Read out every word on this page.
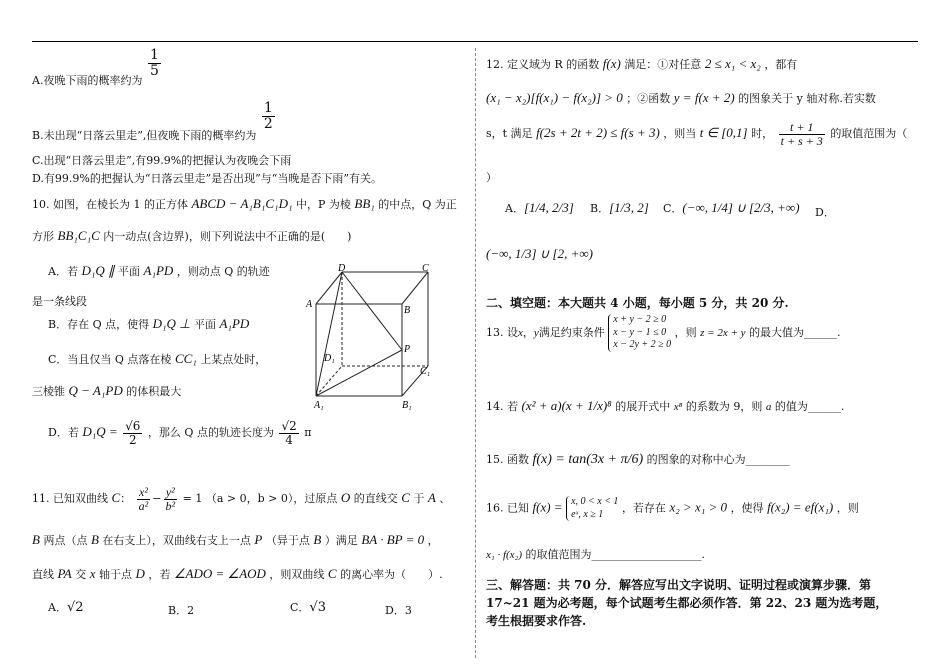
A.夜晚下雨的概率约为
$\frac{1}{5}$
B.未出现“日落云里走”,但夜晚下雨的概率约为
$\frac{1}{2}$
C.出现“日落云里走”,有99.9%的把握认为夜晚会下雨
D.有99.9%的把握认为“日落云里走”是否出现”与“当晚是否下雨”有关。
10. 如图，在棱长为 1 的正方体 ABCD − A₁B₁C₁D₁ 中，P 为棱 BB₁ 的中点，Q 为正
方形 BB₁C₁C 内一动点(含边界)，则下列说法中不正确的是(　　)
A．若 D₁Q ∥ 平面 A₁PD ，则动点 Q 的轨迹
是一条线段
B．存在 Q 点，使得 D₁Q ⊥ 平面 A₁PD
C．当且仅当 Q 点落在棱 CC₁ 上某点处时，
三棱锥 Q − A₁PD 的体积最大
D．若 $D_1Q = \frac{√6}{2}$ ，那么 Q 点的轨迹长度为 $\frac{√2}{4}$ π
D	C
A
B
D₁
P
C₁
A₁	B₁
11. 已知双曲线 C： $\frac{\text{x²}}{\text{a²}} - \frac{\text{y²}}{\text{b²}} = 1$ （a > 0，b > 0），过原点 O 的直线交 C 于 A 、
B 两点（点 B 在右支上），双曲线右支上一点 P （异于点 B ）满足 BA · BP = 0 ，
直线 PA 交 x 轴于点 D ，若 ∠ADO = ∠AOD ，则双曲线 C 的离心率为（　　）.
A．√2	B．2	C．√3	D．3
12. 定义域为 R 的函数 f(x) 满足：①对任意 2 ≤ x₁ < x₂ ，都有
(x₁ − x₂)[f(x₁) − f(x₂)] > 0 ；②函数 y = f(x + 2) 的图象关于 y 轴对称.若实数
s，t 满足 f(2s + 2t + 2) ≤ f(s + 3) ，则当 t ∈ [0,1] 时， $\frac{t + 1}{t + s + 3}$ 的取值范围为（
）
A．[1/4, 2/3] B．[1/3, 2] C．(−∞, 1/4] ∪ [2/3, +∞) D．
(−∞, 1/3] ∪ [2, +∞)
二、填空题：本大题共 4 小题，每小题 5 分，共 20 分.
13. 设x，y满足约束条件
x + y − 2 ≥ 0
x − y − 1 ≤ 0
x − 2y + 2 ≥ 0
，则 z = 2x + y 的最大值为______.
14. 若 (x² + a)(x + 1/x)⁸ 的展开式中 x⁸ 的系数为 9，则 a 的值为______.
15. 函数 f(x) = tan(3x + π/6) 的图象的对称中心为________
16. 已知 f(x) = x, 0 < x < 1
eˣ, x ≥ 1	，若存在 x₂ > x₁ > 0 ，使得 f(x₂) = ef(x₁) ，则
x₁ · f(x₂) 的取值范围为____________________.
三、解答题：共 70 分．解答应写出文字说明、证明过程或演算步骤．第
17~21 题为必考题，每个试题考生都必须作答．第 22、23 题为选考题，
考生根据要求作答.
